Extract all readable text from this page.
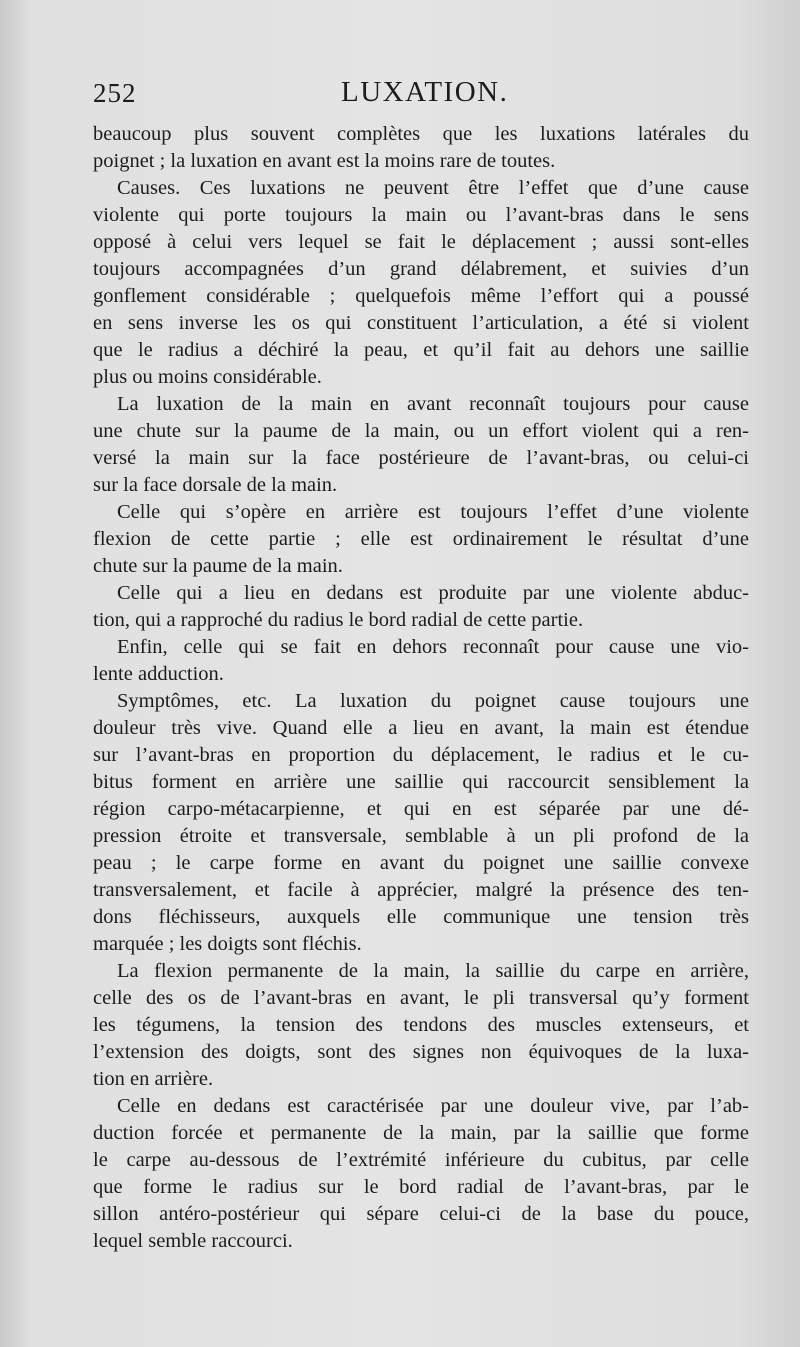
252	LUXATION.
beaucoup plus souvent complètes que les luxations latérales du
poignet ; la luxation en avant est la moins rare de toutes.
Causes. Ces luxations ne peuvent être l’effet que d’une cause
violente qui porte toujours la main ou l’avant-bras dans le sens
opposé à celui vers lequel se fait le déplacement ; aussi sont-elles
toujours accompagnées d’un grand délabrement, et suivies d’un
gonflement considérable ; quelquefois même l’effort qui a poussé
en sens inverse les os qui constituent l’articulation, a été si violent
que le radius a déchiré la peau, et qu’il fait au dehors une saillie
plus ou moins considérable.
La luxation de la main en avant reconnaît toujours pour cause
une chute sur la paume de la main, ou un effort violent qui a ren-
versé la main sur la face postérieure de l’avant-bras, ou celui-ci
sur la face dorsale de la main.
Celle qui s’opère en arrière est toujours l’effet d’une violente
flexion de cette partie ; elle est ordinairement le résultat d’une
chute sur la paume de la main.
Celle qui a lieu en dedans est produite par une violente abduc-
tion, qui a rapproché du radius le bord radial de cette partie.
Enfin, celle qui se fait en dehors reconnaît pour cause une vio-
lente adduction.
Symptômes, etc. La luxation du poignet cause toujours une
douleur très vive. Quand elle a lieu en avant, la main est étendue
sur l’avant-bras en proportion du déplacement, le radius et le cu-
bitus forment en arrière une saillie qui raccourcit sensiblement la
région carpo-métacarpienne, et qui en est séparée par une dé-
pression étroite et transversale, semblable à un pli profond de la
peau ; le carpe forme en avant du poignet une saillie convexe
transversalement, et facile à apprécier, malgré la présence des ten-
dons fléchisseurs, auxquels elle communique une tension très
marquée ; les doigts sont fléchis.
La flexion permanente de la main, la saillie du carpe en arrière,
celle des os de l’avant-bras en avant, le pli transversal qu’y forment
les tégumens, la tension des tendons des muscles extenseurs, et
l’extension des doigts, sont des signes non équivoques de la luxa-
tion en arrière.
Celle en dedans est caractérisée par une douleur vive, par l’ab-
duction forcée et permanente de la main, par la saillie que forme
le carpe au-dessous de l’extrémité inférieure du cubitus, par celle
que forme le radius sur le bord radial de l’avant-bras, par le
sillon antéro-postérieur qui sépare celui-ci de la base du pouce,
lequel semble raccourci.
